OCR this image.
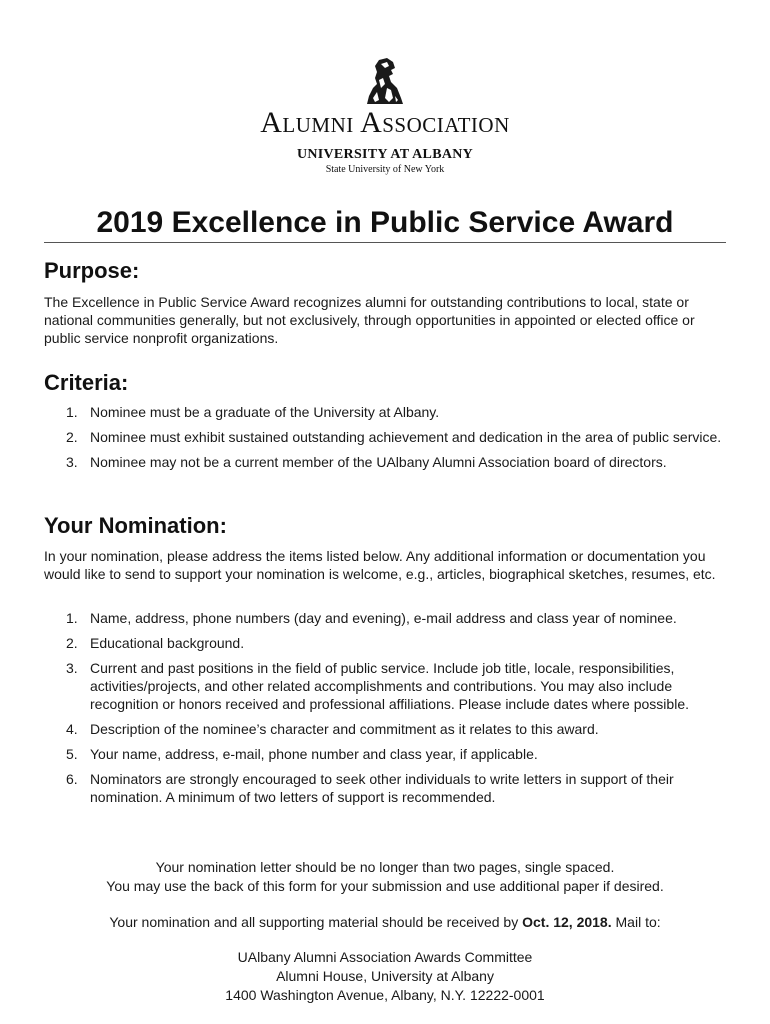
Alumni Association
UNIVERSITY AT ALBANY
State University of New York
2019 Excellence in Public Service Award
Purpose:
The Excellence in Public Service Award recognizes alumni for outstanding contributions to local, state or national communities generally, but not exclusively, through opportunities in appointed or elected office or public service nonprofit organizations.
Criteria:
1. Nominee must be a graduate of the University at Albany.
2. Nominee must exhibit sustained outstanding achievement and dedication in the area of public service.
3. Nominee may not be a current member of the UAlbany Alumni Association board of directors.
Your Nomination:
In your nomination, please address the items listed below. Any additional information or documentation you would like to send to support your nomination is welcome, e.g., articles, biographical sketches, resumes, etc.
1. Name, address, phone numbers (day and evening), e-mail address and class year of nominee.
2. Educational background.
3. Current and past positions in the field of public service. Include job title, locale, responsibilities, activities/projects, and other related accomplishments and contributions. You may also include recognition or honors received and professional affiliations. Please include dates where possible.
4. Description of the nominee’s character and commitment as it relates to this award.
5. Your name, address, e-mail, phone number and class year, if applicable.
6. Nominators are strongly encouraged to seek other individuals to write letters in support of their nomination. A minimum of two letters of support is recommended.
Your nomination letter should be no longer than two pages, single spaced.
You may use the back of this form for your submission and use additional paper if desired.
Your nomination and all supporting material should be received by Oct. 12, 2018. Mail to:
UAlbany Alumni Association Awards Committee
Alumni House, University at Albany
1400 Washington Avenue, Albany, N.Y. 12222-0001
